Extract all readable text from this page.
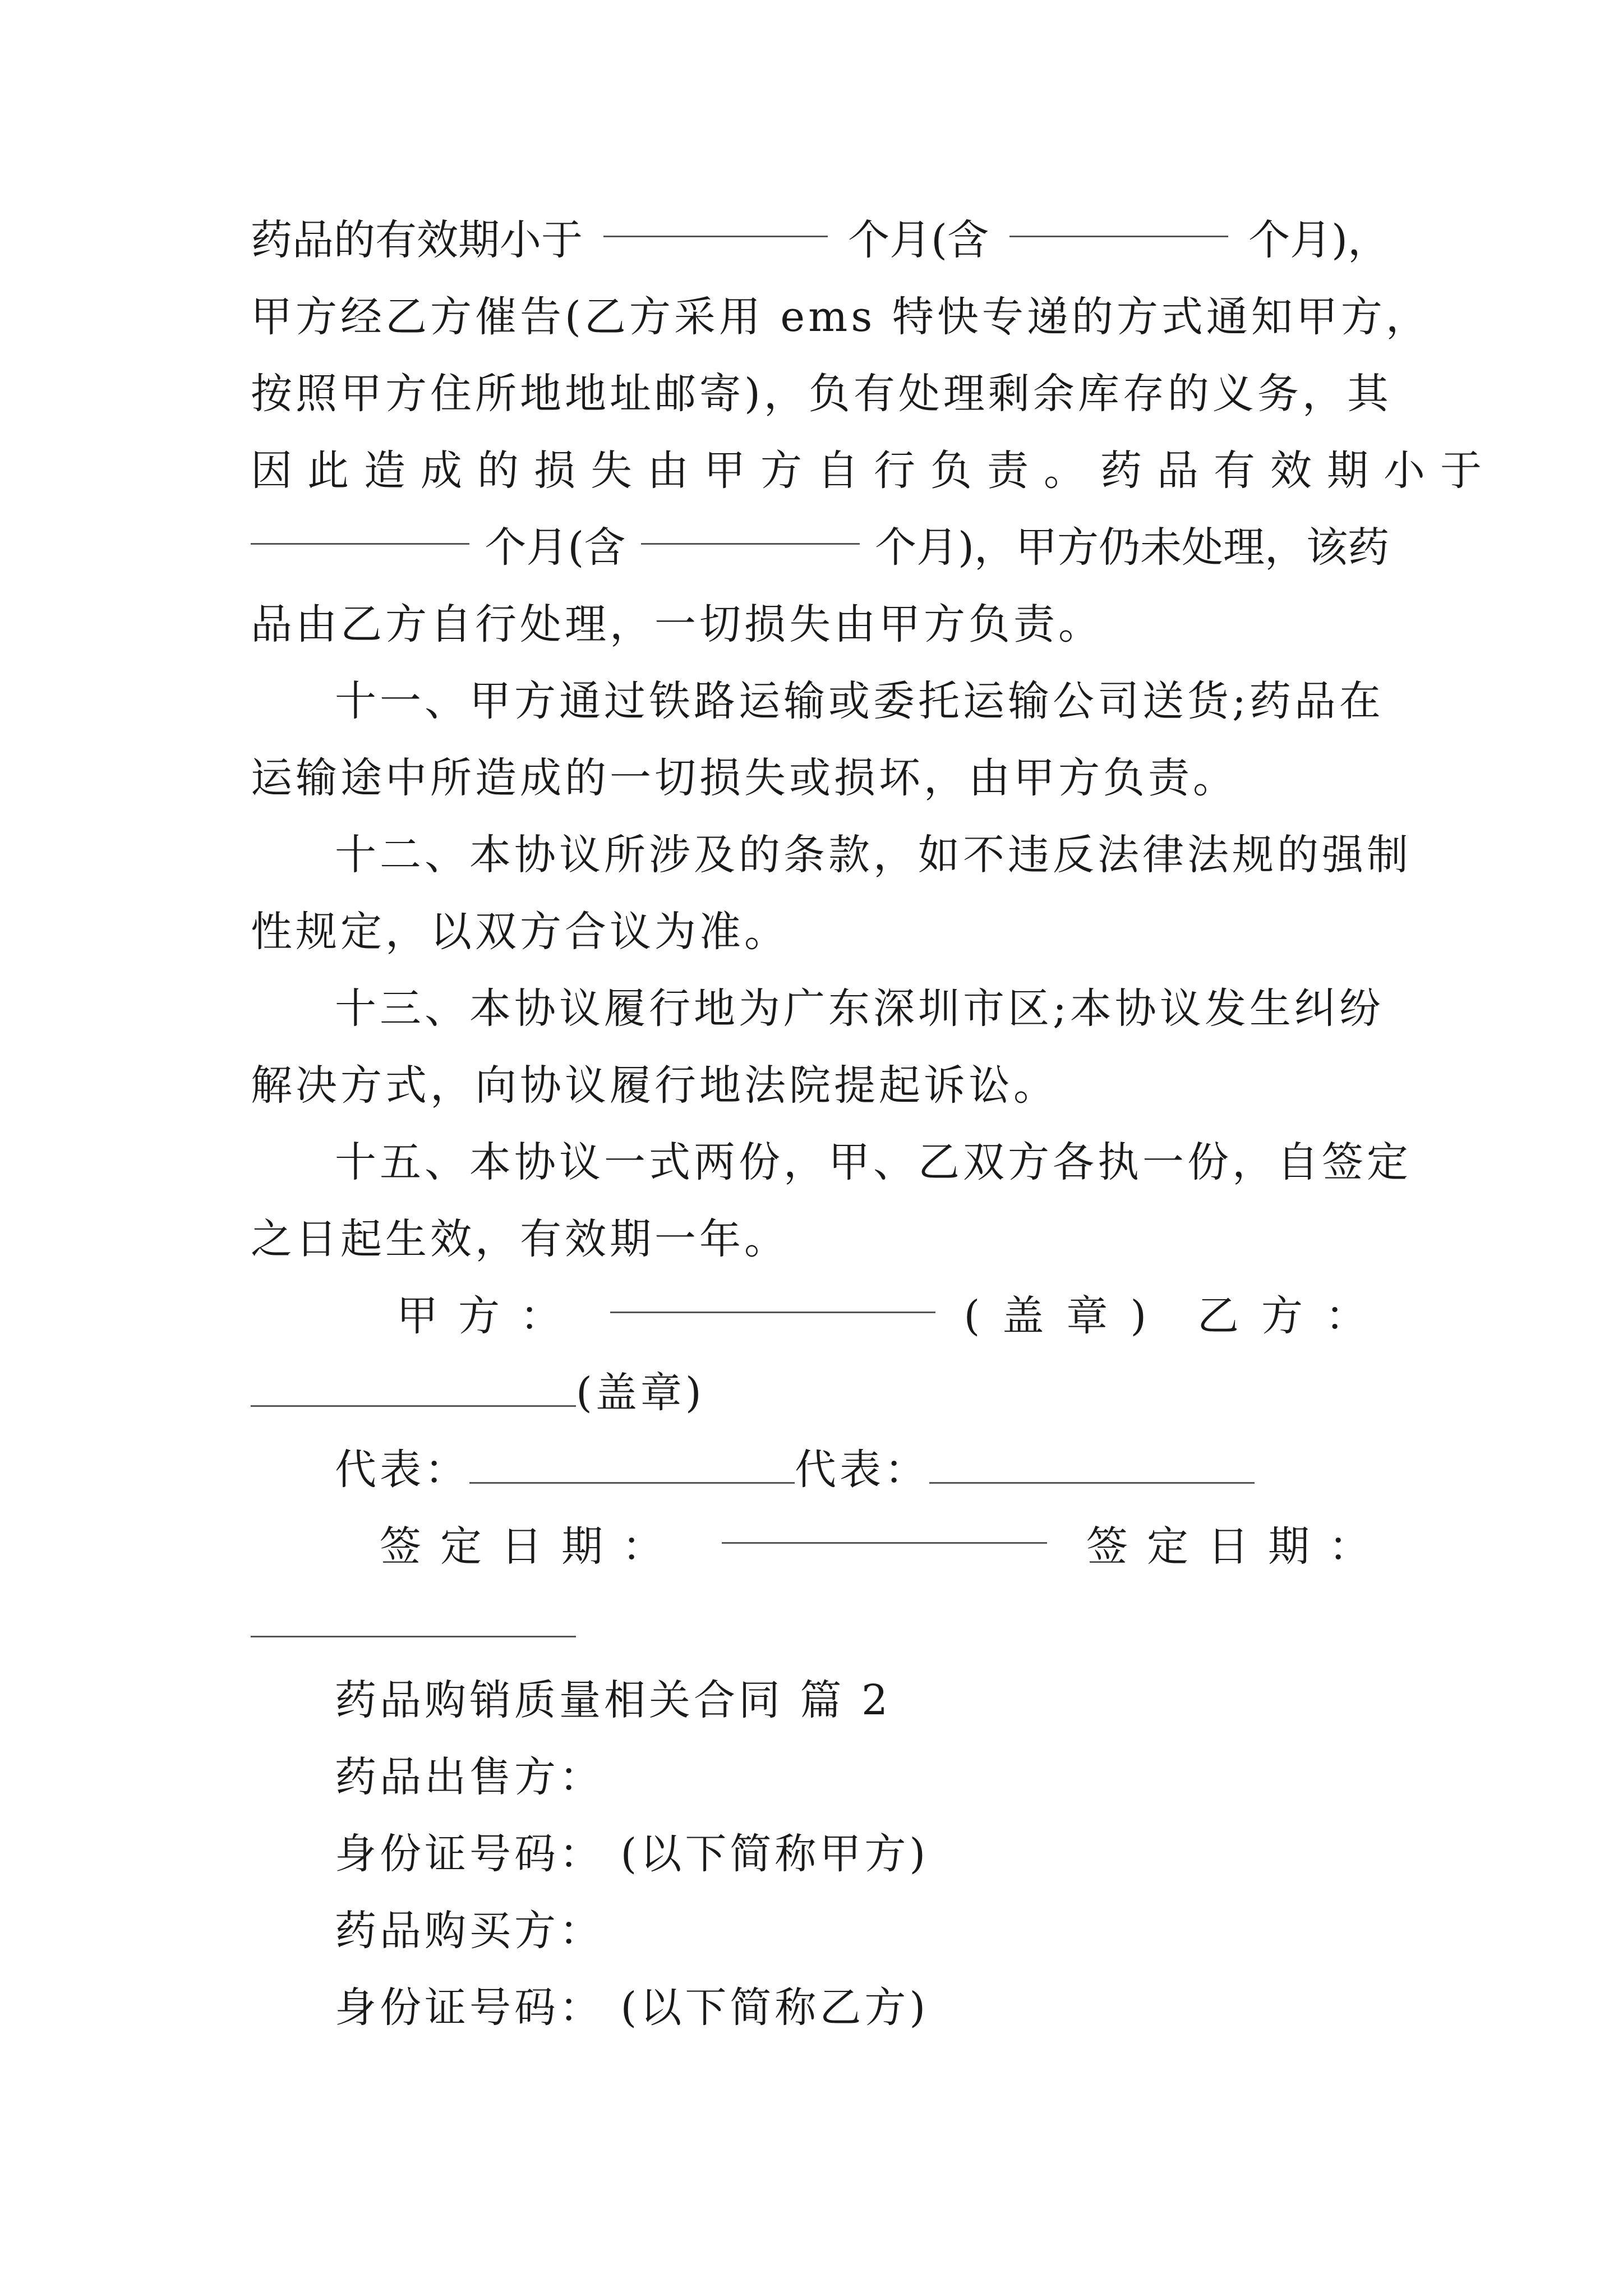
药品的有效期小于	个月(含	个月)，
甲方经乙方催告(乙方采用 ems 特快专递的方式通知甲方，
按照甲方住所地地址邮寄)，负有处理剩余库存的义务，其
因此造成的损失由甲方自行负责。药品有效期小于
个月(含	个月)，甲方仍未处理，该药
品由乙方自行处理，一切损失由甲方负责。
十一、甲方通过铁路运输或委托运输公司送货;药品在
运输途中所造成的一切损失或损坏，由甲方负责。
十二、本协议所涉及的条款，如不违反法律法规的强制
性规定，以双方合议为准。
十三、本协议履行地为广东深圳市区;本协议发生纠纷
解决方式，向协议履行地法院提起诉讼。
十五、本协议一式两份，甲、乙双方各执一份，自签定
之日起生效，有效期一年。
甲方：	(盖章) 乙方：
(盖章)
代表：	代表：
签定日期：	签定日期：
药品购销质量相关合同 篇 2
药品出售方：
身份证号码： (以下简称甲方)
药品购买方：
身份证号码： (以下简称乙方)
